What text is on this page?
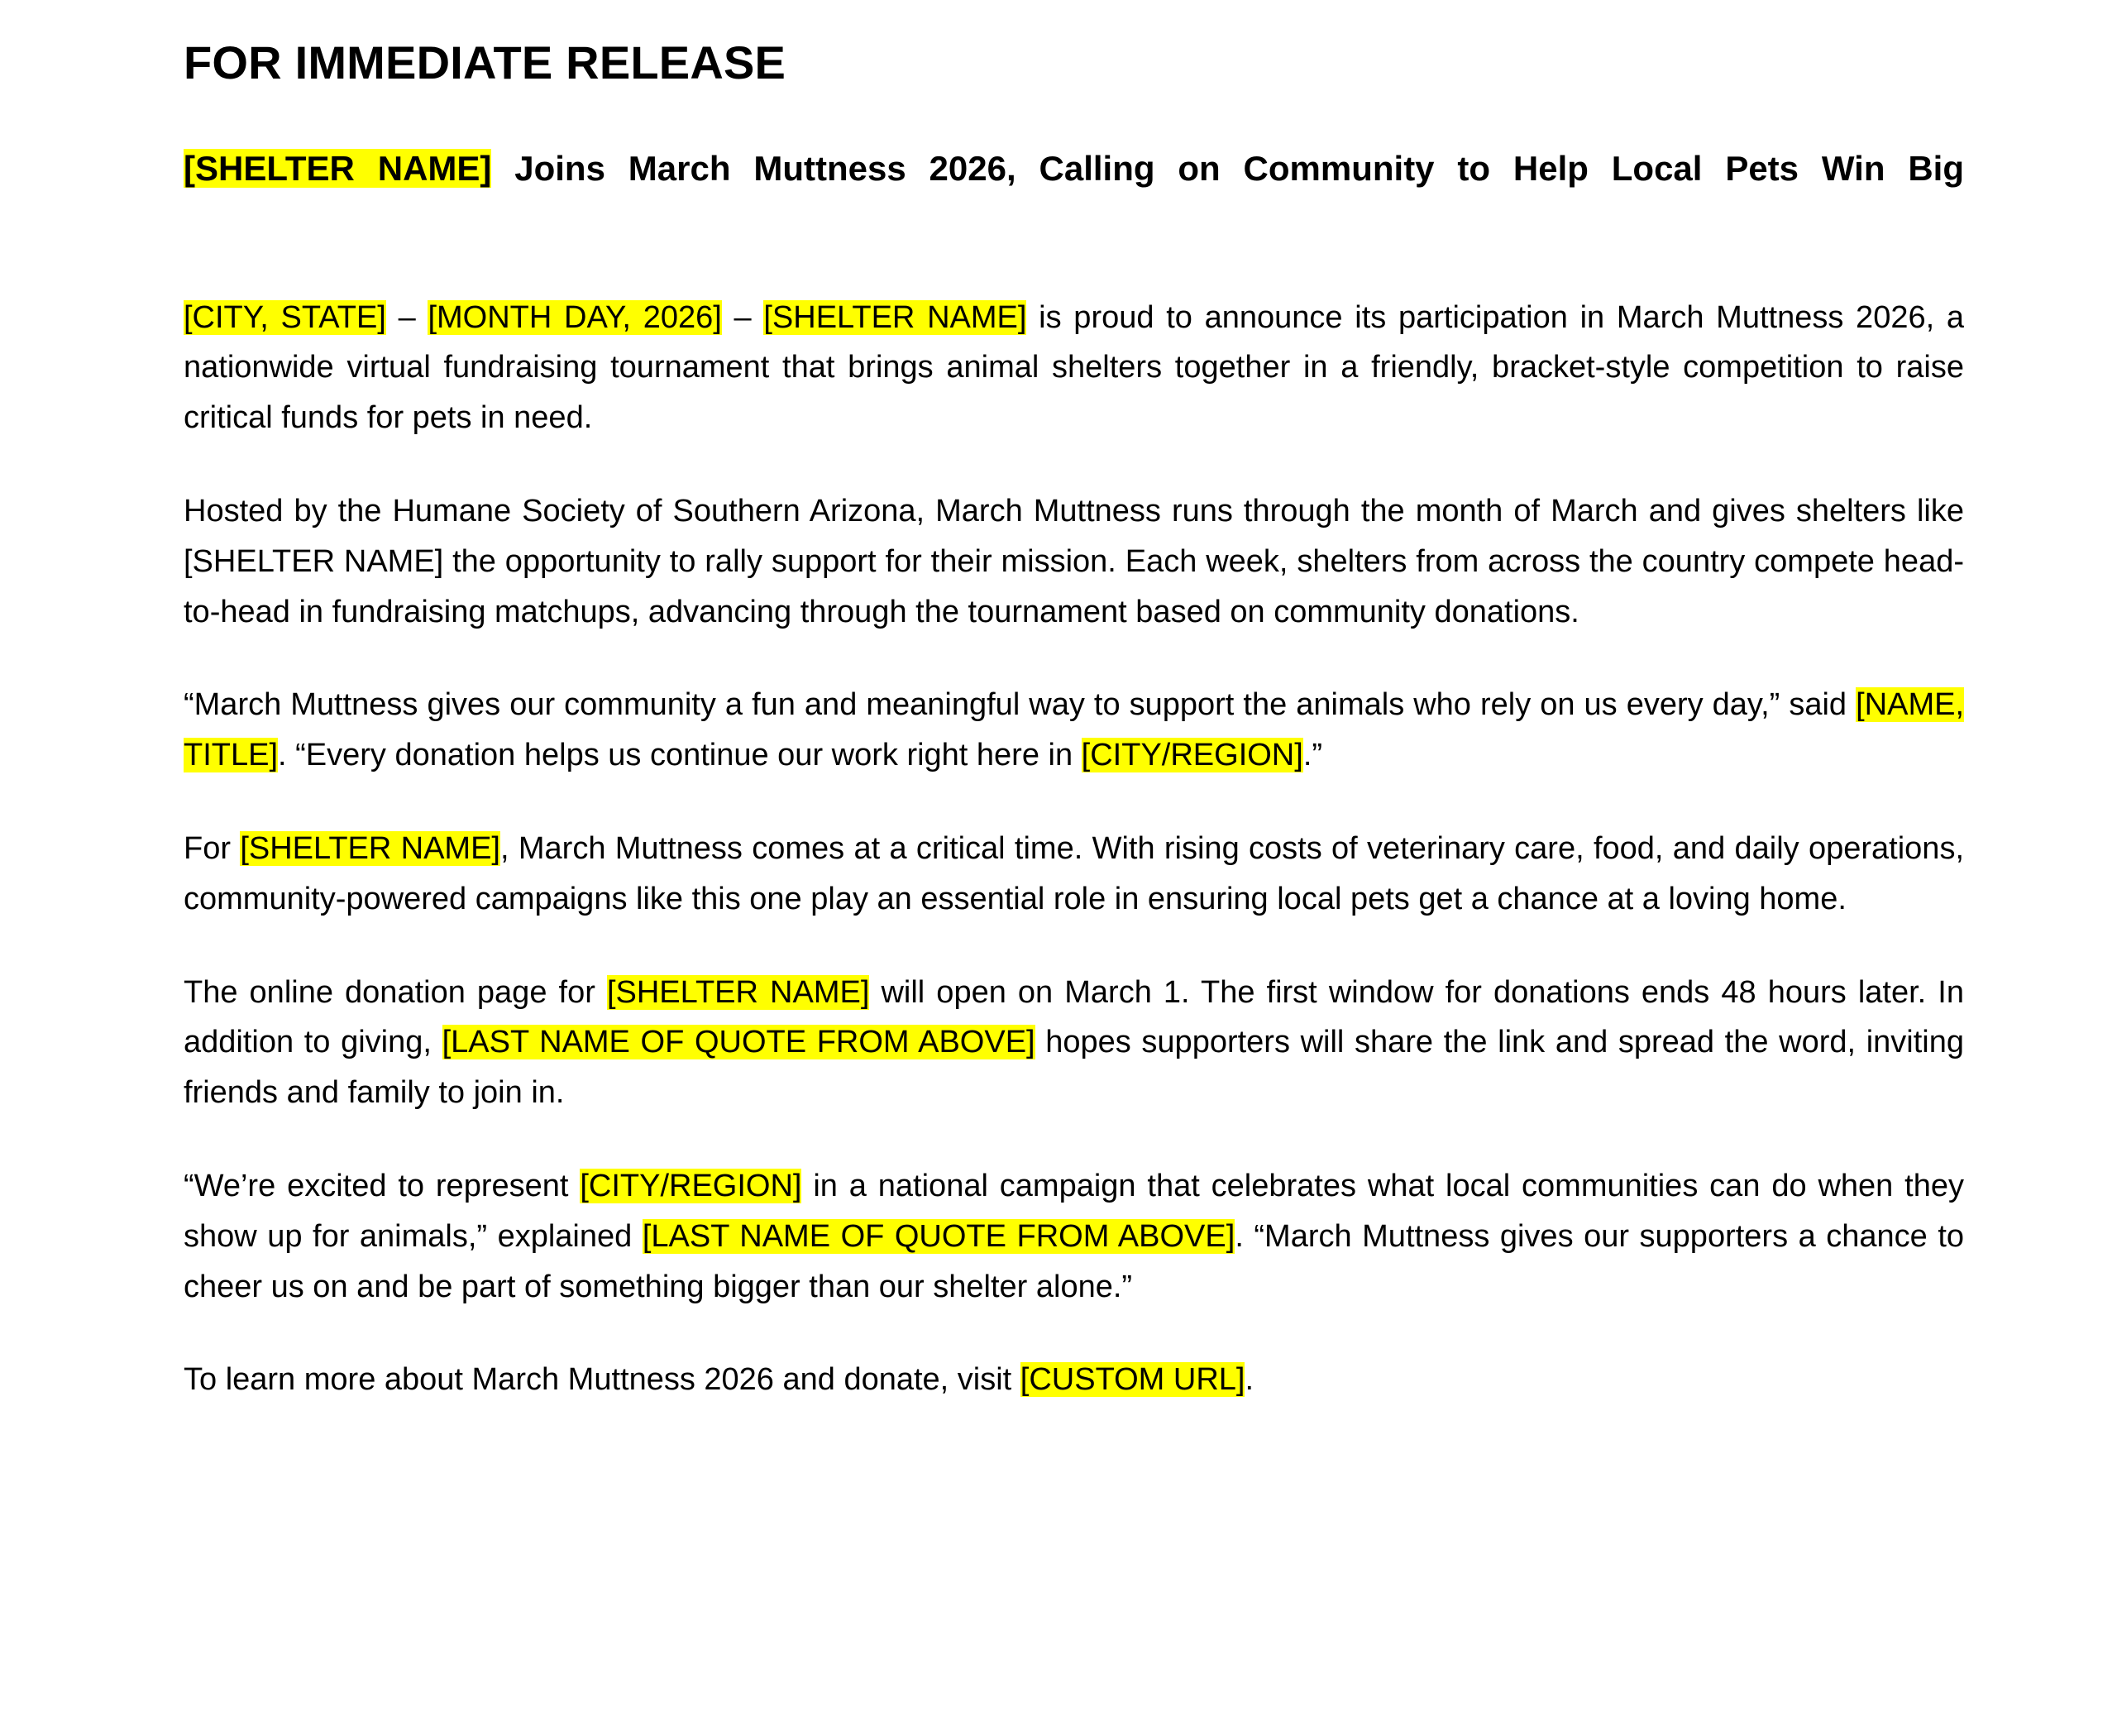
FOR IMMEDIATE RELEASE
[SHELTER NAME] Joins March Muttness 2026, Calling on Community to Help Local Pets Win Big

[CITY, STATE] – [MONTH DAY, 2026] – [SHELTER NAME] is proud to announce its participation in March Muttness 2026, a nationwide virtual fundraising tournament that brings animal shelters together in a friendly, bracket-style competition to raise critical funds for pets in need.

Hosted by the Humane Society of Southern Arizona, March Muttness runs through the month of March and gives shelters like [SHELTER NAME] the opportunity to rally support for their mission. Each week, shelters from across the country compete head-to-head in fundraising matchups, advancing through the tournament based on community donations.

“March Muttness gives our community a fun and meaningful way to support the animals who rely on us every day,” said [NAME, TITLE]. “Every donation helps us continue our work right here in [CITY/REGION].”

For [SHELTER NAME], March Muttness comes at a critical time. With rising costs of veterinary care, food, and daily operations, community-powered campaigns like this one play an essential role in ensuring local pets get a chance at a loving home.

The online donation page for [SHELTER NAME] will open on March 1. The first window for donations ends 48 hours later. In addition to giving, [LAST NAME OF QUOTE FROM ABOVE] hopes supporters will share the link and spread the word, inviting friends and family to join in.

“We’re excited to represent [CITY/REGION] in a national campaign that celebrates what local communities can do when they show up for animals,” explained [LAST NAME OF QUOTE FROM ABOVE]. “March Muttness gives our supporters a chance to cheer us on and be part of something bigger than our shelter alone.”

To learn more about March Muttness 2026 and donate, visit [CUSTOM URL].
